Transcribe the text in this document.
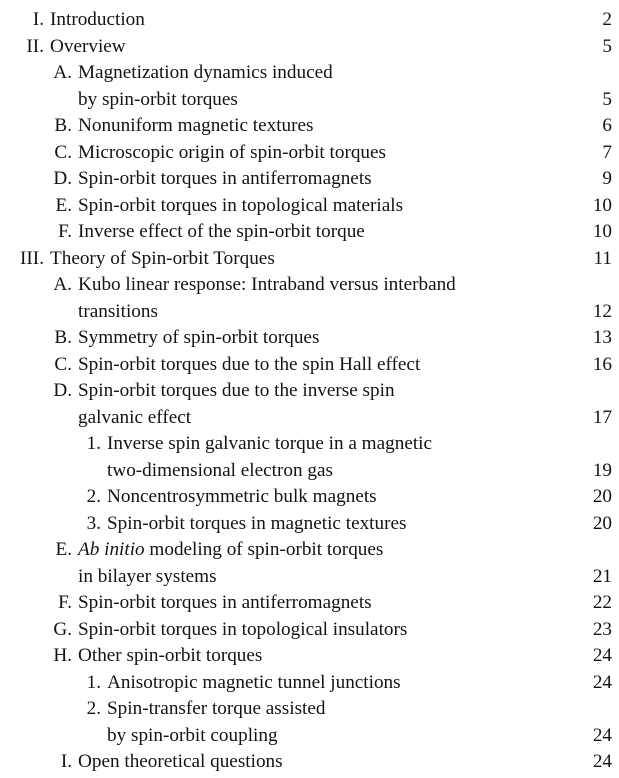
I. Introduction	2
II. Overview	5
A. Magnetization dynamics induced

by spin-orbit torques	5
B. Nonuniform magnetic textures	6
C. Microscopic origin of spin-orbit torques	7
D. Spin-orbit torques in antiferromagnets	9
E. Spin-orbit torques in topological materials	10
F. Inverse effect of the spin-orbit torque	10
III. Theory of Spin-orbit Torques	11
A. Kubo linear response: Intraband versus interband

transitions	12
B. Symmetry of spin-orbit torques	13
C. Spin-orbit torques due to the spin Hall effect	16
D. Spin-orbit torques due to the inverse spin

galvanic effect	17
1. Inverse spin galvanic torque in a magnetic

two-dimensional electron gas	19
2. Noncentrosymmetric bulk magnets	20
3. Spin-orbit torques in magnetic textures	20
E. Ab initio modeling of spin-orbit torques

in bilayer systems	21
F. Spin-orbit torques in antiferromagnets	22
G. Spin-orbit torques in topological insulators	23
H. Other spin-orbit torques	24
1. Anisotropic magnetic tunnel junctions	24
2. Spin-transfer torque assisted

by spin-orbit coupling	24
I. Open theoretical questions	24
